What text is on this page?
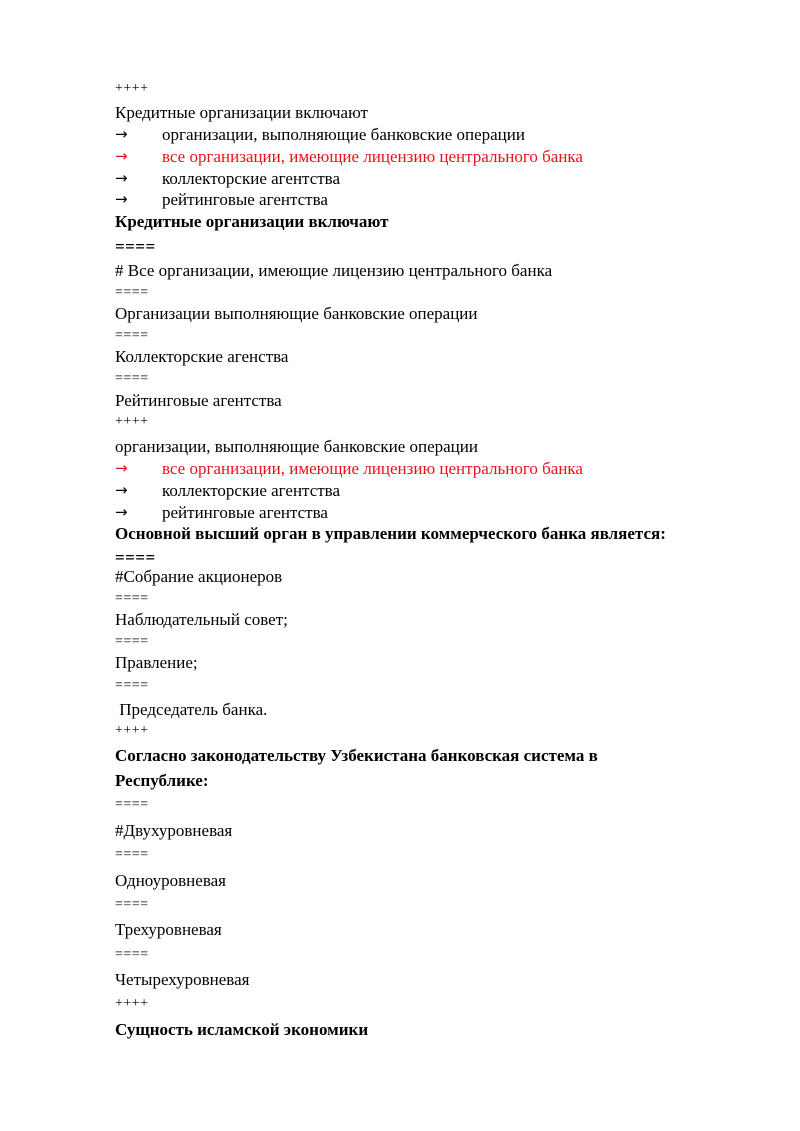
++++
Кредитные организации включают
→ организации, выполняющие банковские операции
→ все организации, имеющие лицензию центрального банка
→ коллекторские агентства
→ рейтинговые агентства
Кредитные организации включают
====
# Все организации, имеющие лицензию центрального банка
====
Организации выполняющие банковские операции
====
Коллекторские агенства
====
Рейтинговые агентства
++++
организации, выполняющие банковские операции
→ все организации, имеющие лицензию центрального банка
→ коллекторские агентства
→ рейтинговые агентства
Основной высший орган в управлении коммерческого банка является:
====
#Собрание акционеров
====
Наблюдательный совет;
====
Правление;
====
Председатель банка.
++++
Согласно законодательству Узбекистана банковская система в
Республике:
====
#Двухуровневая
====
Одноуровневая
====
Трехуровневая
====
Четырехуровневая
++++
Сущность исламской экономики
